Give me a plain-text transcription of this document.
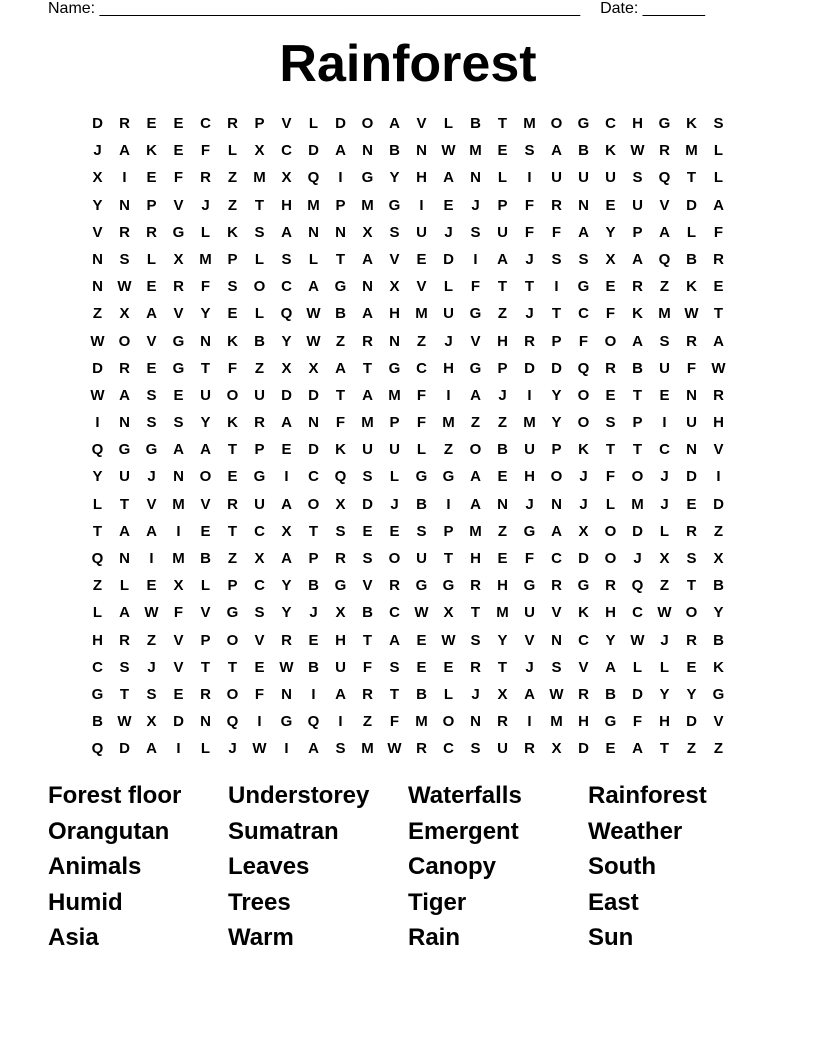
Name: ______________________________________________________ Date: _______
Rainforest
D	R	E	E	C	R	P	V	L	D	O	A	V	L	B	T	M O	G	C	H	G	K	S
J	A	K	E	F	L	X	C	D	A	N	B	N W M	E	S	A	B	K W R	M	L
X	I	E	F	R	Z	M	X	Q	I	G	Y	H	A	N	L	I	U	U	U	S	Q	T	L
Y	N	P	V	J	Z	T	H	M	P	M G	I	E	J	P	F	R	N	E	U	V	D	A
V	R	R	G	L	K	S	A	N	N	X	S	U	J	S	U	F	F	A	Y	P	A	L	F
N	S	L	X	M	P	L	S	L	T	A	V	E	D	I	A	J	S	S	X	A	Q	B	R
N W E	R	F	S	O	C	A	G	N	X	V	L	F	T	T	I	G	E	R	Z	K	E
Z	X	A	V	Y	E	L	Q W B	A	H	M	U	G	Z	J	T	C	F	K	M W	T
W O	V	G	N	K	B	Y W	Z	R	N	Z	J	V	H	R	P	F	O	A	S	R	A
D	R	E	G	T	F	Z	X	X	A	T	G	C	H	G	P	D	D	Q	R	B	U	F	W
W A	S	E	U	O	U	D	D	T	A	M	F	I	A	J	I	Y	O	E	T	E	N	R
I	N	S	S	Y	K	R	A	N	F	M	P	F	M	Z	Z	M	Y	O	S	P	I	U	H
Q	G	G	A	A	T	P	E	D	K	U	U	L	Z	O	B	U	P	K	T	T	C	N	V
Y	U	J	N	O	E	G	I	C	Q	S	L	G	G	A	E	H	O	J	F	O	J	D	I
L	T	V	M	V	R	U	A	O	X	D	J	B	I	A	N	J	N	J	L	M	J	E	D
T	A	A	I	E	T	C	X	T	S	E	E	S	P	M	Z	G	A	X	O	D	L	R	Z
Q	N	I	M	B	Z	X	A	P	R	S	O	U	T	H	E	F	C	D	O	J	X	S	X
Z	L	E	X	L	P	C	Y	B	G	V	R	G	G	R	H	G	R	G	R	Q	Z	T	B
L	A W	F	V	G	S	Y	J	X	B	C W X	T	M	U	V	K	H	C W O	Y
H	R	Z	V	P	O	V	R	E	H	T	A	E W S	Y	V	N	C	Y W	J	R	B
C	S	J	V	T	T	E W B	U	F	S	E	E	R	T	J	S	V	A	L	L	E	K
G	T	S	E	R	O	F	N	I	A	R	T	B	L	J	X	A W R	B	D	Y	Y	G
B W X	D	N	Q	I	G	Q	I	Z	F	M O	N	R	I	M	H	G	F	H	D	V
Q	D	A	I	L	J	W	I	A	S	M W R	C	S	U	R	X	D	E	A	T	Z	Z
Forest floor	Understorey	Waterfalls	Rainforest
Orangutan	Sumatran	Emergent	Weather
Animals	Leaves	Canopy	South
Humid	Trees	Tiger	East
Asia	Warm	Rain	Sun
